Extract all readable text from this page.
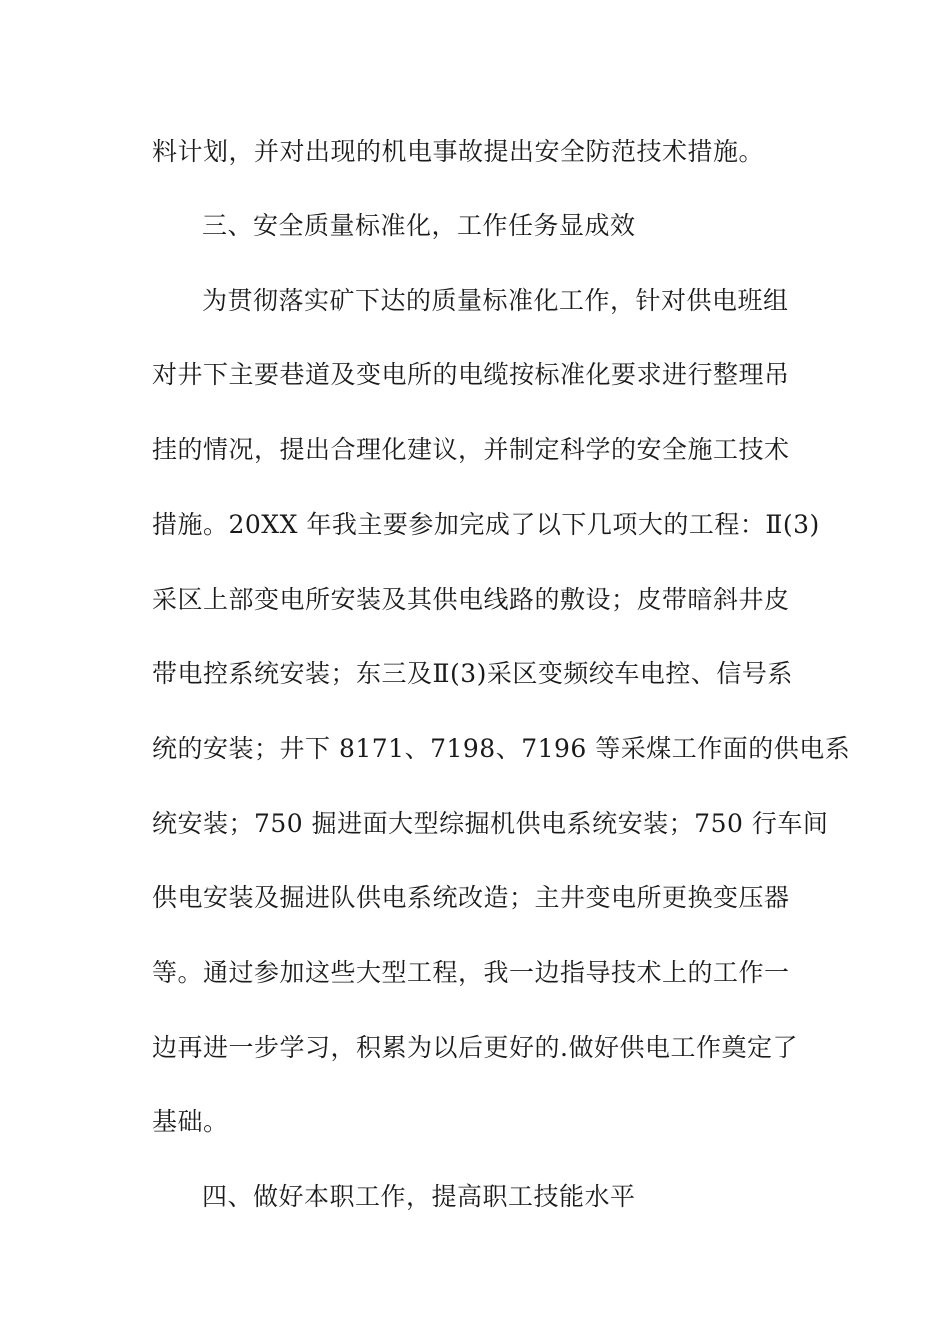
料计划，并对出现的机电事故提出安全防范技术措施。
三、安全质量标准化，工作任务显成效
为贯彻落实矿下达的质量标准化工作，针对供电班组
对井下主要巷道及变电所的电缆按标准化要求进行整理吊
挂的情况，提出合理化建议，并制定科学的安全施工技术
措施。20XX 年我主要参加完成了以下几项大的工程：Ⅱ(3)
采区上部变电所安装及其供电线路的敷设；皮带暗斜井皮
带电控系统安装；东三及Ⅱ(3)采区变频绞车电控、信号系
统的安装；井下 8171、7198、7196 等采煤工作面的供电系
统安装；750 掘进面大型综掘机供电系统安装；750 行车间
供电安装及掘进队供电系统改造；主井变电所更换变压器
等。通过参加这些大型工程，我一边指导技术上的工作一
边再进一步学习，积累为以后更好的.做好供电工作奠定了
基础。
四、做好本职工作，提高职工技能水平
